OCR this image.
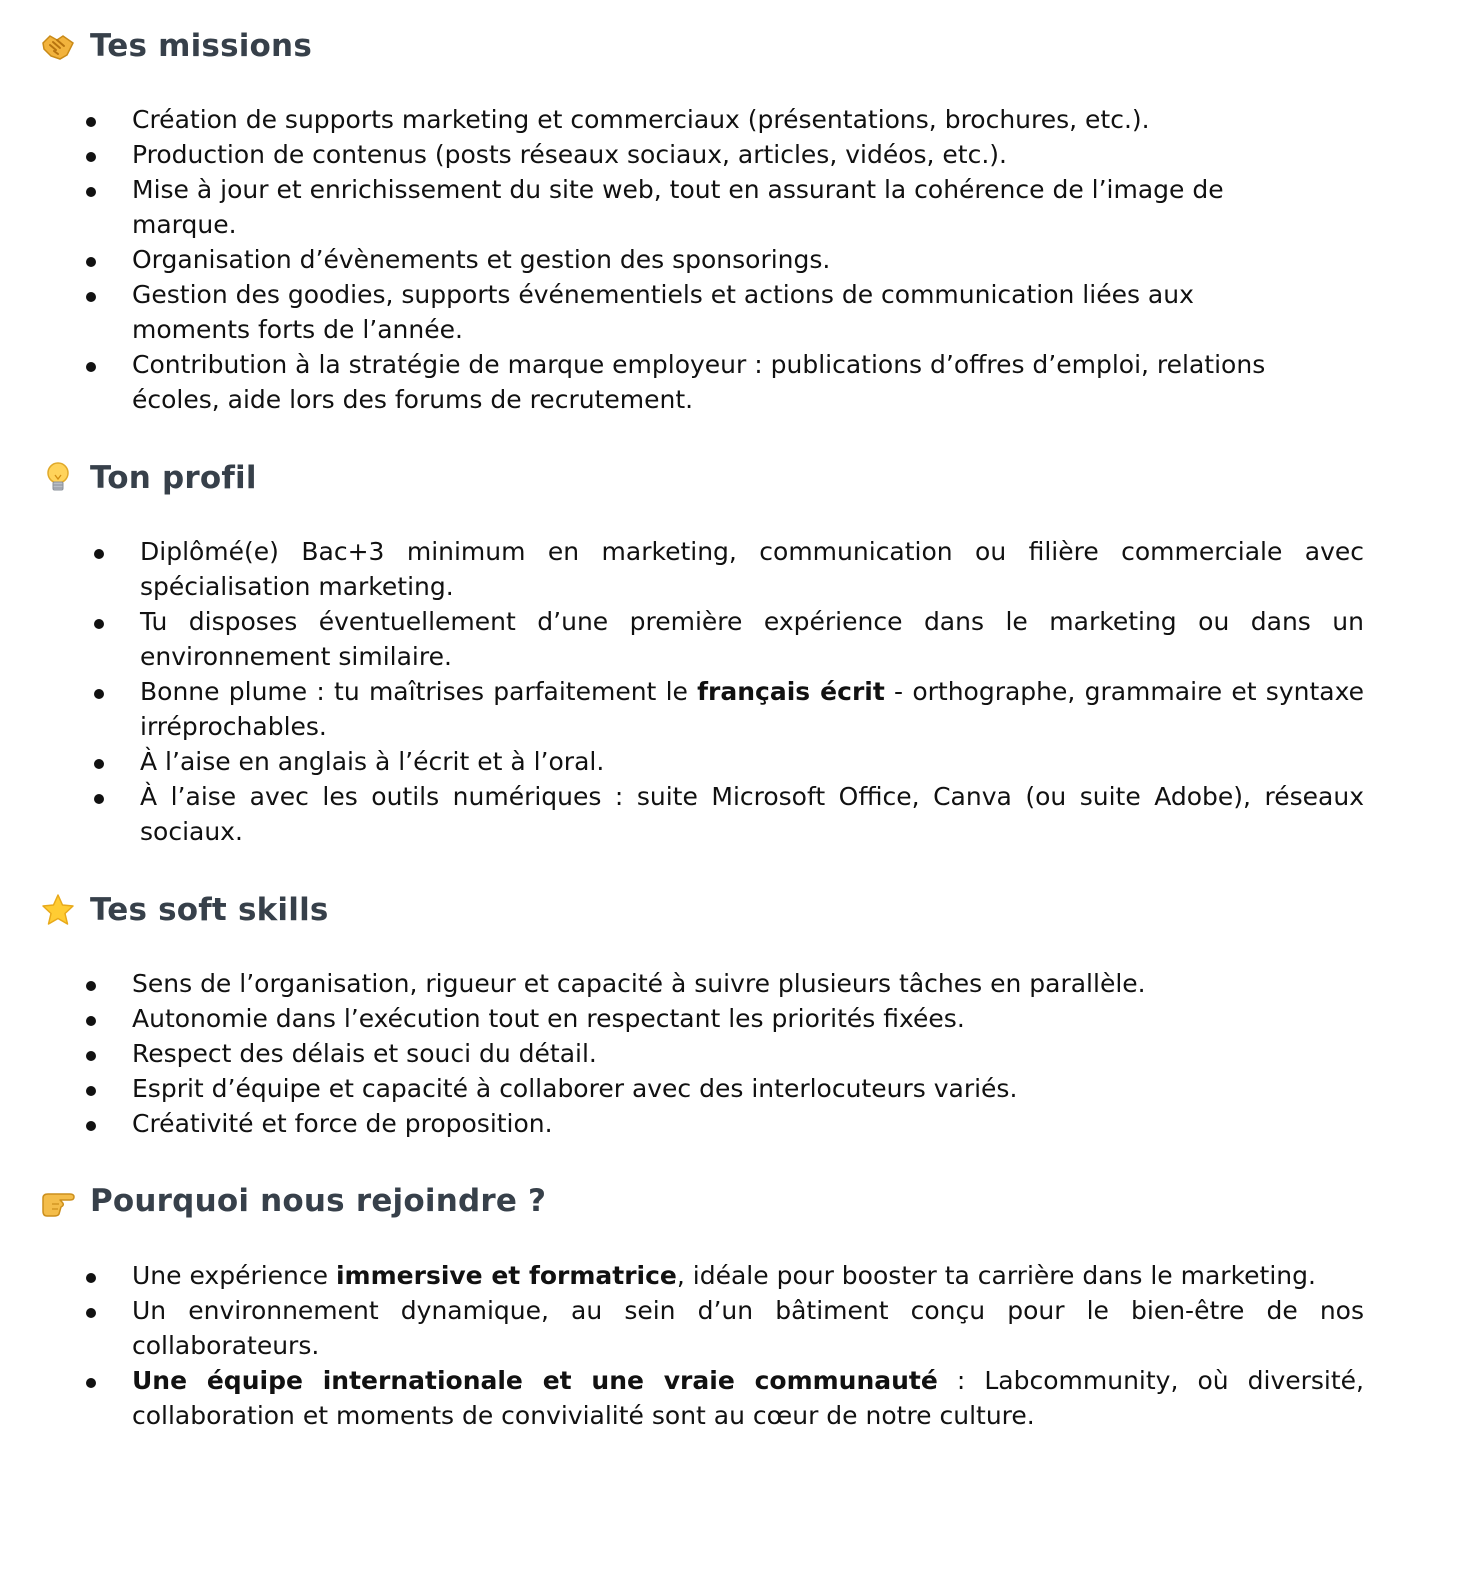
Tes missions
Création de supports marketing et commerciaux (présentations, brochures, etc.).
Production de contenus (posts réseaux sociaux, articles, vidéos, etc.).
Mise à jour et enrichissement du site web, tout en assurant la cohérence de l’image de marque.
Organisation d’évènements et gestion des sponsorings.
Gestion des goodies, supports événementiels et actions de communication liées aux moments forts de l’année.
Contribution à la stratégie de marque employeur : publications d’offres d’emploi, relations écoles, aide lors des forums de recrutement.
Ton profil
Diplômé(e) Bac+3 minimum en marketing, communication ou filière commerciale avec spécialisation marketing.
Tu disposes éventuellement d’une première expérience dans le marketing ou dans un environnement similaire.
Bonne plume : tu maîtrises parfaitement le français écrit - orthographe, grammaire et syntaxe irréprochables.
À l’aise en anglais à l’écrit et à l’oral.
À l’aise avec les outils numériques : suite Microsoft Office, Canva (ou suite Adobe), réseaux sociaux.
Tes soft skills
Sens de l’organisation, rigueur et capacité à suivre plusieurs tâches en parallèle.
Autonomie dans l’exécution tout en respectant les priorités fixées.
Respect des délais et souci du détail.
Esprit d’équipe et capacité à collaborer avec des interlocuteurs variés.
Créativité et force de proposition.
Pourquoi nous rejoindre ?
Une expérience immersive et formatrice, idéale pour booster ta carrière dans le marketing.
Un environnement dynamique, au sein d’un bâtiment conçu pour le bien-être de nos collaborateurs.
Une équipe internationale et une vraie communauté : Labcommunity, où diversité, collaboration et moments de convivialité sont au cœur de notre culture.
